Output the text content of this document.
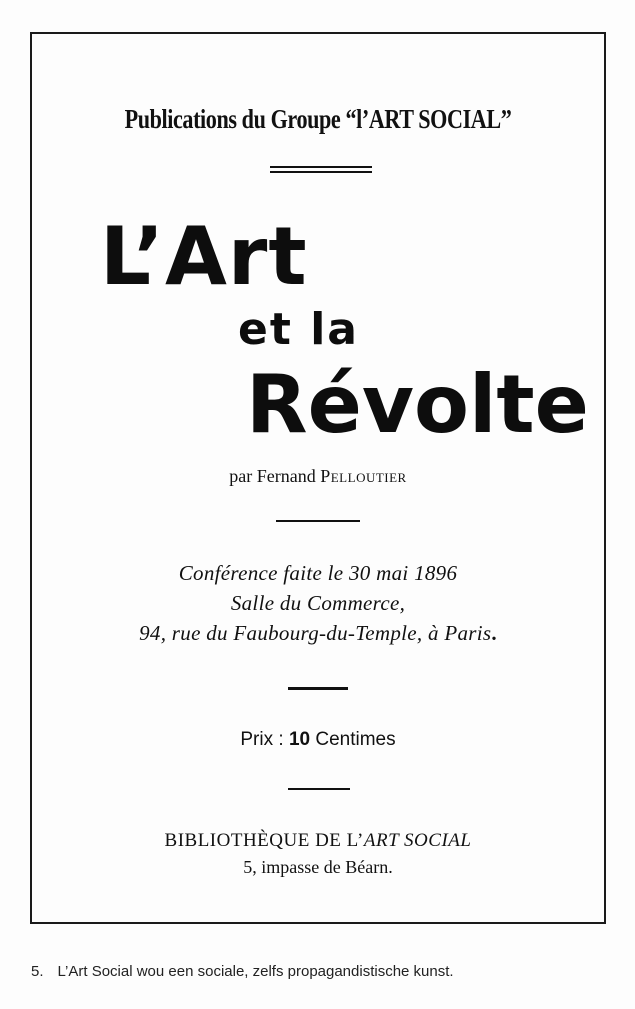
Publications du Groupe “l’ART SOCIAL”
L’Art
et la
Révolte
par Fernand Pelloutier
Conférence faite le 30 mai 1896
Salle du Commerce,
94, rue du Faubourg-du-Temple, à Paris.
Prix : 10 Centimes
BIBLIOTHÈQUE DE L’ART SOCIAL
5, impasse de Béarn.
5. L’Art Social wou een sociale, zelfs propagandistische kunst.
